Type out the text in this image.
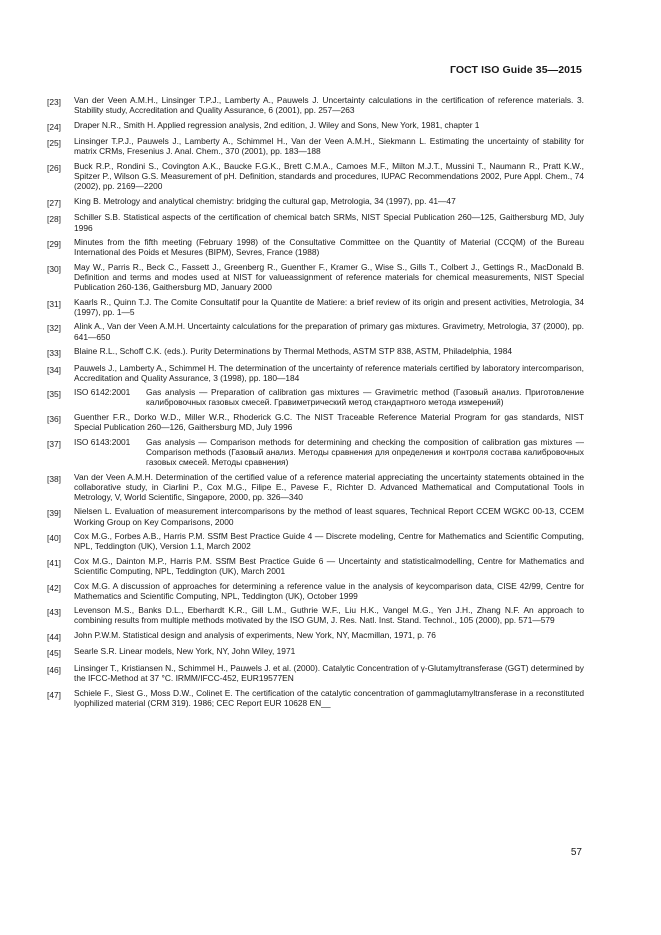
ГОСТ ISO Guide 35—2015
[23]	Van der Veen A.M.H., Linsinger T.P.J., Lamberty A., Pauwels J. Uncertainty calculations in the certification of reference materials. 3. Stability study, Accreditation and Quality Assurance, 6 (2001), pp. 257—263
[24]	Draper N.R., Smith H. Applied regression analysis, 2nd edition, J. Wiley and Sons, New York, 1981, chapter 1
[25]	Linsinger T.P.J., Pauwels J., Lamberty A., Schimmel H., Van der Veen A.M.H., Siekmann L. Estimating the uncertainty of stability for matrix CRMs, Fresenius J. Anal. Chem., 370 (2001), pp. 183—188
[26]	Buck R.P., Rondini S., Covington A.K., Baucke F.G.K., Brett C.M.A., Camoes M.F., Milton M.J.T., Mussini T., Naumann R., Pratt K.W., Spitzer P., Wilson G.S. Measurement of pH. Definition, standards and procedures, IUPAC Recommendations 2002, Pure Appl. Chem., 74 (2002), pp. 2169—2200
[27]	King B. Metrology and analytical chemistry: bridging the cultural gap, Metrologia, 34 (1997), pp. 41—47
[28]	Schiller S.B. Statistical aspects of the certification of chemical batch SRMs, NIST Special Publication 260—125, Gaithersburg MD, July 1996
[29]	Minutes from the fifth meeting (February 1998) of the Consultative Committee on the Quantity of Material (CCQM) of the Bureau International des Poids et Mesures (BIPM), Sevres, France (1988)
[30]	May W., Parris R., Beck C., Fassett J., Greenberg R., Guenther F., Kramer G., Wise S., Gills T., Colbert J., Gettings R., MacDonald B. Definition and terms and modes used at NIST for valueassignment of reference materials for chemical measurements, NIST Special Publication 260-136, Gaithersburg MD, January 2000
[31]	Kaarls R., Quinn T.J. The Comite Consultatif pour la Quantite de Matiere: a brief review of its origin and present activities, Metrologia, 34 (1997), pp. 1—5
[32]	Alink A., Van der Veen A.M.H. Uncertainty calculations for the preparation of primary gas mixtures. Gravimetry, Metrologia, 37 (2000), pp. 641—650
[33]	Blaine R.L., Schoff C.K. (eds.). Purity Determinations by Thermal Methods, ASTM STP 838, ASTM, Philadelphia, 1984
[34]	Pauwels J., Lamberty A., Schimmel H. The determination of the uncertainty of reference materials certified by laboratory intercomparison, Accreditation and Quality Assurance, 3 (1998), pp. 180—184
[35]	ISO 6142:2001	Gas analysis — Preparation of calibration gas mixtures — Gravimetric method (Газовый анализ. Приготовление калибровочных газовых смесей. Гравиметрический метод стандартного метода измерений)
[36]	Guenther F.R., Dorko W.D., Miller W.R., Rhoderick G.C. The NIST Traceable Reference Material Program for gas standards, NIST Special Publication 260—126, Gaithersburg MD, July 1996
[37]	ISO 6143:2001	Gas analysis — Comparison methods for determining and checking the composition of calibration gas mixtures — Comparison methods (Газовый анализ. Методы сравнения для определения и контроля состава калибровочных газовых смесей. Методы сравнения)
[38]	Van der Veen A.M.H. Determination of the certified value of a reference material appreciating the uncertainty statements obtained in the collaborative study, in Ciarlini P., Cox M.G., Filipe E., Pavese F., Richter D. Advanced Mathematical and Computational Tools in Metrology, V, World Scientific, Singapore, 2000, pp. 326—340
[39]	Nielsen L. Evaluation of measurement intercomparisons by the method of least squares, Technical Report CCEM WGKC 00-13, CCEM Working Group on Key Comparisons, 2000
[40]	Cox M.G., Forbes A.B., Harris P.M. SSfM Best Practice Guide 4 — Discrete modeling, Centre for Mathematics and Scientific Computing, NPL, Teddington (UK), Version 1.1, March 2002
[41]	Cox M.G., Dainton M.P., Harris P.M. SSfM Best Practice Guide 6 — Uncertainty and statisticalmodelling, Centre for Mathematics and Scientific Computing, NPL, Teddington (UK), March 2001
[42]	Cox M.G. A discussion of approaches for determining a reference value in the analysis of keycomparison data, CISE 42/99, Centre for Mathematics and Scientific Computing, NPL, Teddington (UK), October 1999
[43]	Levenson M.S., Banks D.L., Eberhardt K.R., Gill L.M., Guthrie W.F., Liu H.K., Vangel M.G., Yen J.H., Zhang N.F. An approach to combining results from multiple methods motivated by the ISO GUM, J. Res. Natl. Inst. Stand. Technol., 105 (2000), pp. 571—579
[44]	John P.W.M. Statistical design and analysis of experiments, New York, NY, Macmillan, 1971, p. 76
[45]	Searle S.R. Linear models, New York, NY, John Wiley, 1971
[46]	Linsinger T., Kristiansen N., Schimmel H., Pauwels J. et al. (2000). Catalytic Concentration of γ-Glutamyltransferase (GGT) determined by the IFCC-Method at 37 °C. IRMM/IFCC-452, EUR19577EN
[47]	Schiele F., Siest G., Moss D.W., Colinet E. The certification of the catalytic concentration of gammaglutamyltransferase in a reconstituted lyophilized material (CRM 319). 1986; CEC Report EUR 10628 EN__
57
